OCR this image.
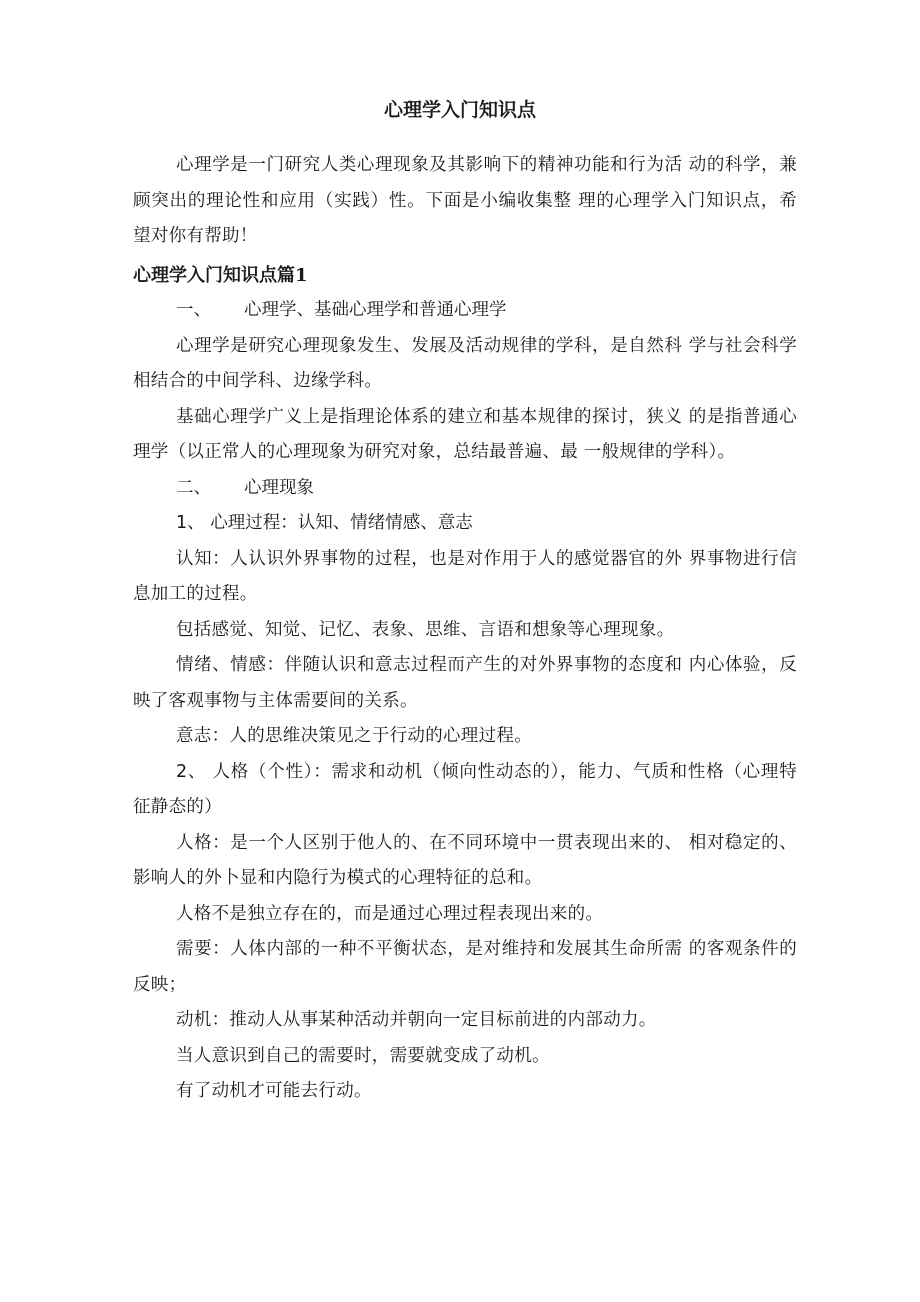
心理学入门知识点

心理学是一门研究人类心理现象及其影响下的精神功能和行为活 动的科学，兼顾突出的理论性和应用（实践）性。下面是小编收集整 理的心理学入门知识点，希望对你有帮助！

心理学入门知识点篇1

一、 心理学、基础心理学和普通心理学

心理学是研究心理现象发生、发展及活动规律的学科，是自然科 学与社会科学相结合的中间学科、边缘学科。

基础心理学广义上是指理论体系的建立和基本规律的探讨，狭义 的是指普通心理学（以正常人的心理现象为研究对象，总结最普遍、最 一般规律的学科）。

二、 心理现象

1、 心理过程：认知、情绪情感、意志

认知：人认识外界事物的过程，也是对作用于人的感觉器官的外 界事物进行信息加工的过程。

包括感觉、知觉、记忆、表象、思维、言语和想象等心理现象。

情绪、情感：伴随认识和意志过程而产生的对外界事物的态度和 内心体验，反映了客观事物与主体需要间的关系。

意志：人的思维决策见之于行动的心理过程。

2、 人格（个性）：需求和动机（倾向性动态的），能力、气质和性格（心理特征静态的）

人格：是一个人区别于他人的、在不同环境中一贯表现出来的、 相对稳定的、影响人的外卜显和内隐行为模式的心理特征的总和。

人格不是独立存在的，而是通过心理过程表现出来的。

需要：人体内部的一种不平衡状态，是对维持和发展其生命所需 的客观条件的反映；

动机：推动人从事某种活动并朝向一定目标前进的内部动力。

当人意识到自己的需要时，需要就变成了动机。

有了动机才可能去行动。
